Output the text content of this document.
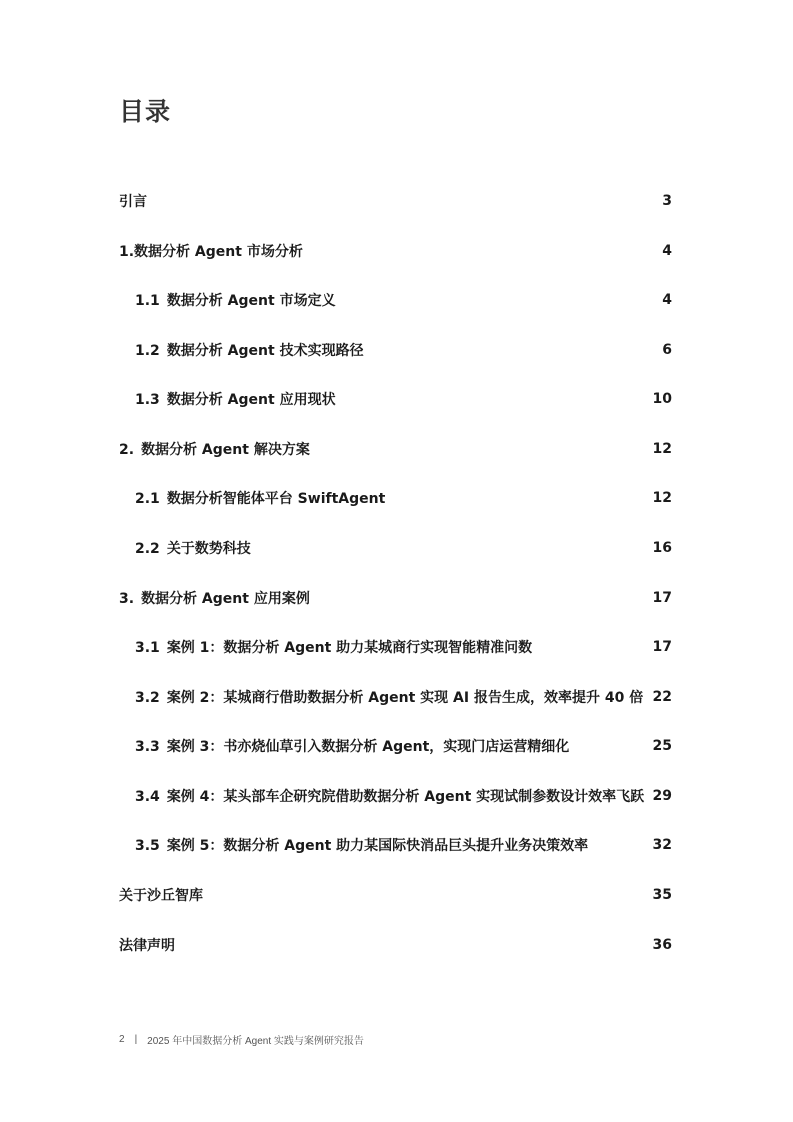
目录
引言	3
1.数据分析 Agent 市场分析	4
1.1 数据分析 Agent 市场定义	4
1.2 数据分析 Agent 技术实现路径	6
1.3 数据分析 Agent 应用现状	10
2. 数据分析 Agent 解决方案	12
2.1 数据分析智能体平台 SwiftAgent	12
2.2 关于数势科技	16
3. 数据分析 Agent 应用案例	17
3.1 案例 1：数据分析 Agent 助力某城商行实现智能精准问数	17
3.2 案例 2：某城商行借助数据分析 Agent 实现 AI 报告生成，效率提升 40 倍 22
3.3 案例 3：书亦烧仙草引入数据分析 Agent，实现门店运营精细化	25
3.4 案例 4：某头部车企研究院借助数据分析 Agent 实现试制参数设计效率飞跃 29
3.5 案例 5：数据分析 Agent 助力某国际快消品巨头提升业务决策效率	32
关于沙丘智库	35
法律声明	36
2 | 2025 年中国数据分析 Agent 实践与案例研究报告
